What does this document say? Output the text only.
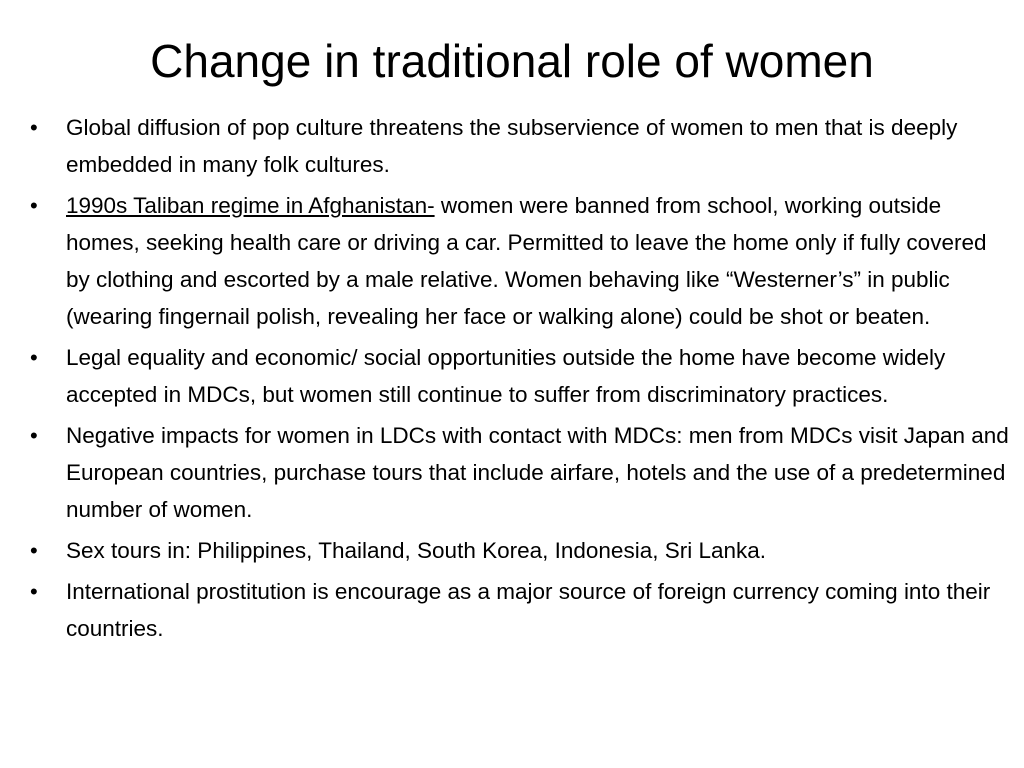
Change in traditional role of women
• Global diffusion of pop culture threatens the subservience of women to men that is deeply embedded in many folk cultures.
• 1990s Taliban regime in Afghanistan- women were banned from school, working outside homes, seeking health care or driving a car. Permitted to leave the home only if fully covered by clothing and escorted by a male relative. Women behaving like “Westerner’s” in public (wearing fingernail polish, revealing her face or walking alone) could be shot or beaten.
• Legal equality and economic/ social opportunities outside the home have become widely accepted in MDCs, but women still continue to suffer from discriminatory practices.
• Negative impacts for women in LDCs with contact with MDCs: men from MDCs visit Japan and European countries, purchase tours that include airfare, hotels and the use of a predetermined number of women.
• Sex tours in: Philippines, Thailand, South Korea, Indonesia, Sri Lanka.
• International prostitution is encourage as a major source of foreign currency coming into their countries.
